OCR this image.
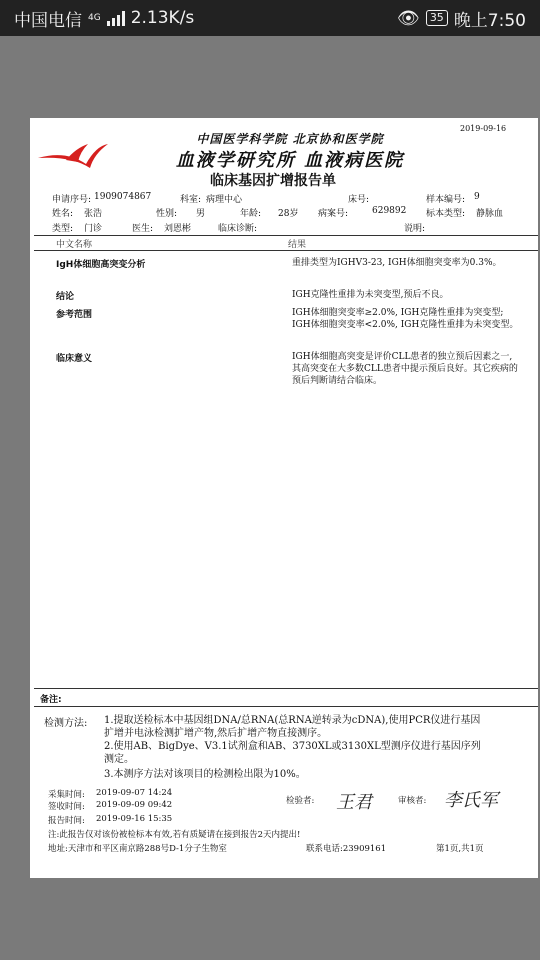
中国电信 4G 2.13K/s	👁 35 晚上7:50
2019-09-16
中国医学科学院 北京协和医学院
血液学研究所 血液病医院
临床基因扩增报告单
申请序号: 1909074867	科室: 病理中心	床号:	样本编号: 9
姓名: 张浩	性别: 男	年龄: 28岁 病案号:	629892 标本类型: 静脉血
类型: 门诊	医生: 刘恩彬	临床诊断:	说明:
中文名称	结果
IgH体细胞高突变分析	重排类型为IGHV3-23, IGH体细胞突变率为0.3%。
结论	IGH克隆性重排为未突变型,预后不良。
参考范围	IGH体细胞突变率≥2.0%, IGH克隆性重排为突变型; IGH体细胞突变率<2.0%, IGH克隆性重排为未突变型。
临床意义	IGH体细胞高突变是评价CLL患者的独立预后因素之一,其高突变在大多数CLL患者中提示预后良好。其它疾病的预后判断请结合临床。
备注:
检测方法: 1.提取送检标本中基因组DNA/总RNA(总RNA逆转录为cDNA),使用PCR仪进行基因扩增并电泳检测扩增产物,然后扩增产物直接测序。
2.使用AB、BigDye、V3.1试剂盒和AB、3730XL或3130XL型测序仪进行基因序列测定。
3.本测序方法对该项目的检测检出限为10%。
采集时间: 2019-09-07 14:24
签收时间: 2019-09-09 09:42
报告时间: 2019-09-16 15:35
检验者: 王君	审核者: 李氏军
注:此报告仅对该份被检标本有效,若有质疑请在接到报告2天内提出!
地址:天津市和平区南京路288号D-1分子生物室	联系电话:23909161	第1页,共1页
